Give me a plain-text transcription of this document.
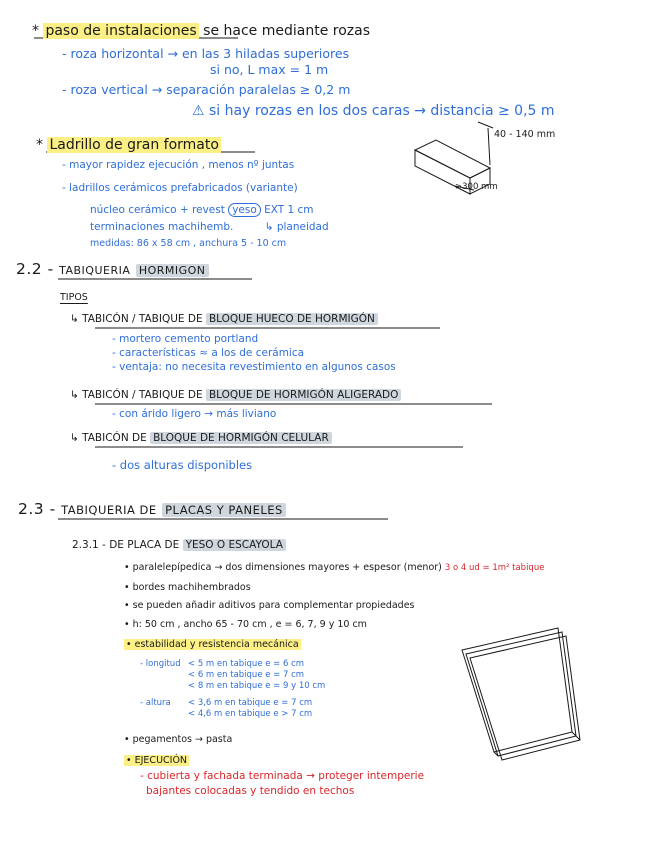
* paso de instalaciones se hace mediante rozas
- roza horizontal → en las 3 hiladas superiores
si no, L max = 1 m
- roza vertical → separación paralelas ≥ 0,2 m
⚠ si hay rozas en los dos caras → distancia ≥ 0,5 m
* Ladrillo de gran formato
- mayor rapidez ejecución , menos nº juntas
- ladrillos cerámicos prefabricados (variante)
núcleo cerámico + revest yeso EXT 1 cm
terminaciones machihemb.	↳ planeidad
medidas: 86 x 58 cm , anchura 5 - 10 cm
40 - 140 mm
>300 mm
2.2 - TABIQUERIA HORMIGON
TIPOS
↳ TABICÓN / TABIQUE DE BLOQUE HUECO DE HORMIGÓN
- mortero cemento portland
- características ≈ a los de cerámica
- ventaja: no necesita revestimiento en algunos casos
↳ TABICÓN / TABIQUE DE BLOQUE DE HORMIGÓN ALIGERADO
- con árido ligero → más liviano
↳ TABICÓN DE BLOQUE DE HORMIGÓN CELULAR
- dos alturas disponibles
2.3 - TABIQUERIA DE PLACAS Y PANELES
2.3.1 - DE PLACA DE YESO O ESCAYOLA
• paralelepípedica → dos dimensiones mayores + espesor (menor) 3 o 4 ud = 1m² tabique
• bordes machihembrados
• se pueden añadir aditivos para complementar propiedades
• h: 50 cm , ancho 65 - 70 cm , e = 6, 7, 9 y 10 cm
• estabilidad y resistencia mecánica
- longitud < 5 m en tabique e = 6 cm
< 6 m en tabique e = 7 cm
< 8 m en tabique e = 9 y 10 cm
- altura < 3,6 m en tabique e = 7 cm
< 4,6 m en tabique e > 7 cm
• pegamentos → pasta
• EJECUCIÓN
- cubierta y fachada terminada → proteger intemperie
bajantes colocadas y tendido en techos
